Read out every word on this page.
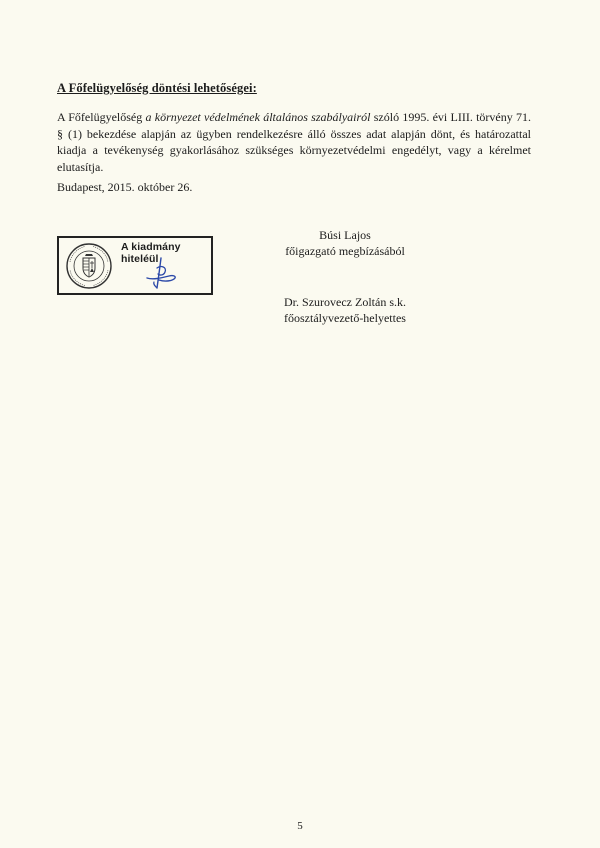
A Főfelügyelőség döntési lehetőségei:
A Főfelügyelőség a környezet védelmének általános szabályairól szóló 1995. évi LIII. törvény 71. § (1) bekezdése alapján az ügyben rendelkezésre álló összes adat alapján dönt, és határozattal kiadja a tevékenység gyakorlásához szükséges környezetvédelmi engedélyt, vagy a kérelmet elutasítja.
Budapest, 2015. október 26.
Búsi Lajos
főigazgató megbízásából
A kiadmány hiteléül
Dr. Szurovecz Zoltán s.k.
főosztályvezető-helyettes
5
